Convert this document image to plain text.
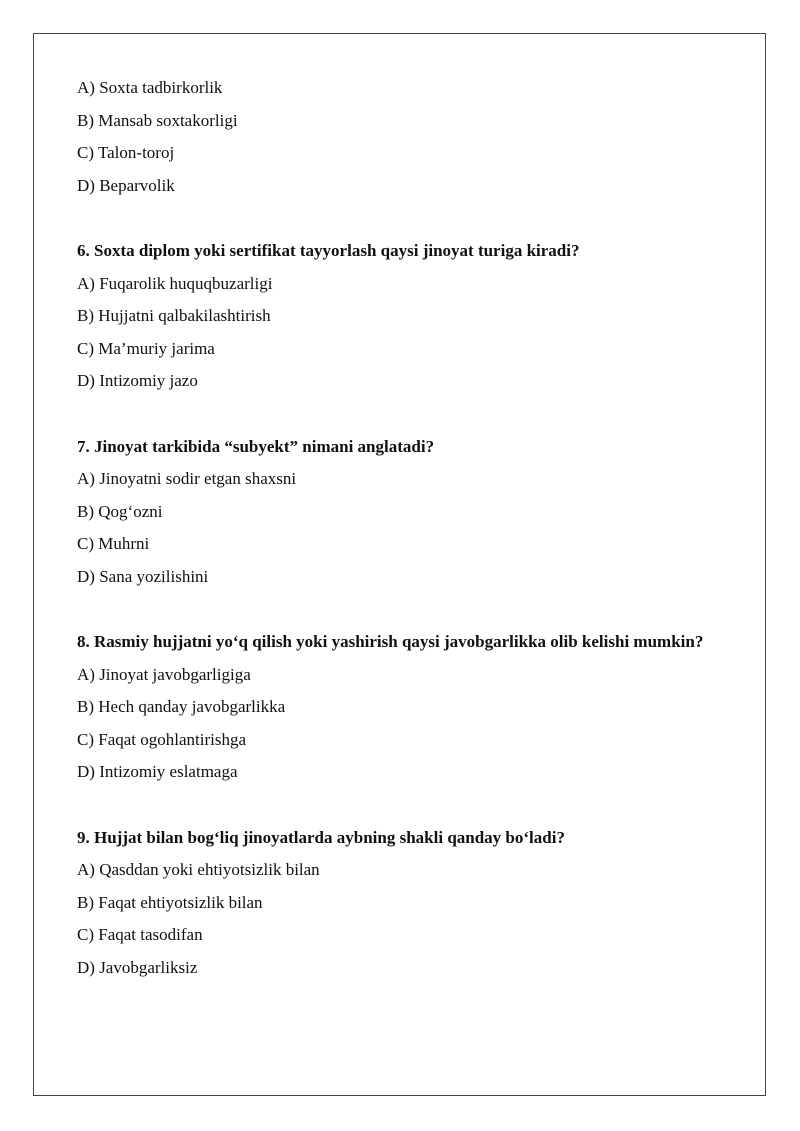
A) Soxta tadbirkorlik

B) Mansab soxtakorligi

C) Talon-toroj

D) Beparvolik

6. Soxta diplom yoki sertifikat tayyorlash qaysi jinoyat turiga kiradi?

A) Fuqarolik huquqbuzarligi

B) Hujjatni qalbakilashtirish

C) Ma’muriy jarima

D) Intizomiy jazo

7. Jinoyat tarkibida “subyekt” nimani anglatadi?

A) Jinoyatni sodir etgan shaxsni

B) Qog‘ozni

C) Muhrni

D) Sana yozilishini

8. Rasmiy hujjatni yo‘q qilish yoki yashirish qaysi javobgarlikka olib kelishi mumkin?

A) Jinoyat javobgarligiga

B) Hech qanday javobgarlikka

C) Faqat ogohlantirishga

D) Intizomiy eslatmaga

9. Hujjat bilan bog‘liq jinoyatlarda aybning shakli qanday bo‘ladi?

A) Qasddan yoki ehtiyotsizlik bilan

B) Faqat ehtiyotsizlik bilan

C) Faqat tasodifan

D) Javobgarliksiz
